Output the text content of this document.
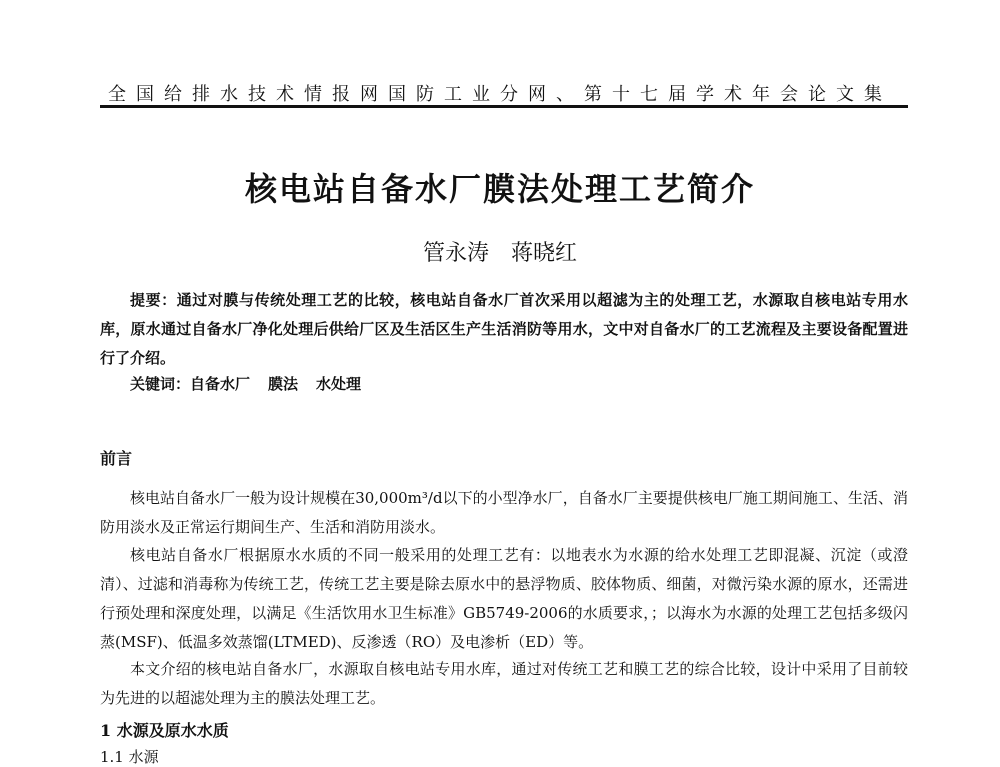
全国给排水技术情报网国防工业分网、第十七届学术年会论文集
核电站自备水厂膜法处理工艺简介
管永涛 蒋晓红
提要：通过对膜与传统处理工艺的比较，核电站自备水厂首次采用以超滤为主的处理工艺，水源取自核电站专用水库，原水通过自备水厂净化处理后供给厂区及生活区生产生活消防等用水，文中对自备水厂的工艺流程及主要设备配置进行了介绍。
关键词：自备水厂 膜法 水处理
前言
核电站自备水厂一般为设计规模在30,000m³/d以下的小型净水厂，自备水厂主要提供核电厂施工期间施工、生活、消防用淡水及正常运行期间生产、生活和消防用淡水。
核电站自备水厂根据原水水质的不同一般采用的处理工艺有：以地表水为水源的给水处理工艺即混凝、沉淀（或澄清）、过滤和消毒称为传统工艺，传统工艺主要是除去原水中的悬浮物质、胶体物质、细菌，对微污染水源的原水，还需进行预处理和深度处理，以满足《生活饮用水卫生标准》GB5749-2006的水质要求，；以海水为水源的处理工艺包括多级闪蒸(MSF)、低温多效蒸馏(LTMED)、反渗透（RO）及电渗析（ED）等。
本文介绍的核电站自备水厂，水源取自核电站专用水库，通过对传统工艺和膜工艺的综合比较，设计中采用了目前较为先进的以超滤处理为主的膜法处理工艺。
1 水源及原水水质
1.1 水源
